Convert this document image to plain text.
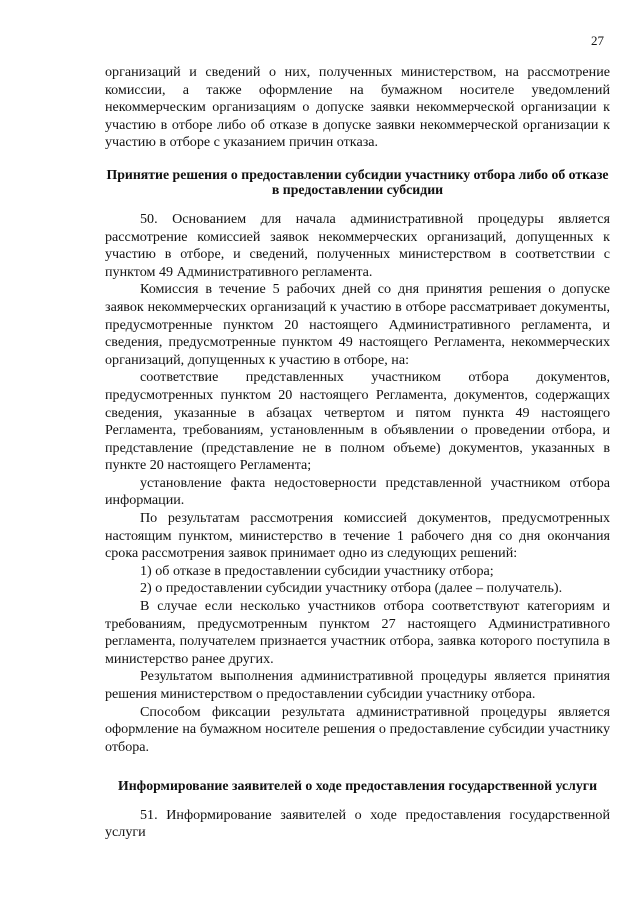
27

организаций и сведений о них, полученных министерством, на рассмотрение комиссии, а также оформление на бумажном носителе уведомлений некоммерческим организациям о допуске заявки некоммерческой организации к участию в отборе либо об отказе в допуске заявки некоммерческой организации к участию в отборе с указанием причин отказа.

Принятие решения о предоставлении субсидии участнику отбора либо об отказе в предоставлении субсидии

50. Основанием для начала административной процедуры является рассмотрение комиссией заявок некоммерческих организаций, допущенных к участию в отборе, и сведений, полученных министерством в соответствии с пунктом 49 Административного регламента.

Комиссия в течение 5 рабочих дней со дня принятия решения о допуске заявок некоммерческих организаций к участию в отборе рассматривает документы, предусмотренные пунктом 20 настоящего Административного регламента, и сведения, предусмотренные пунктом 49 настоящего Регламента, некоммерческих организаций, допущенных к участию в отборе, на:

соответствие представленных участником отбора документов, предусмотренных пунктом 20 настоящего Регламента, документов, содержащих сведения, указанные в абзацах четвертом и пятом пункта 49 настоящего Регламента, требованиям, установленным в объявлении о проведении отбора, и представление (представление не в полном объеме) документов, указанных в пункте 20 настоящего Регламента;

установление факта недостоверности представленной участником отбора информации.

По результатам рассмотрения комиссией документов, предусмотренных настоящим пунктом, министерство в течение 1 рабочего дня со дня окончания срока рассмотрения заявок принимает одно из следующих решений:

1) об отказе в предоставлении субсидии участнику отбора;

2) о предоставлении субсидии участнику отбора (далее – получатель).

В случае если несколько участников отбора соответствуют категориям и требованиям, предусмотренным пунктом 27 настоящего Административного регламента, получателем признается участник отбора, заявка которого поступила в министерство ранее других.

Результатом выполнения административной процедуры является принятия решения министерством о предоставлении субсидии участнику отбора.

Способом фиксации результата административной процедуры является оформление на бумажном носителе решения о предоставление субсидии участнику отбора.

Информирование заявителей о ходе предоставления государственной услуги

51. Информирование заявителей о ходе предоставления государственной услуги
